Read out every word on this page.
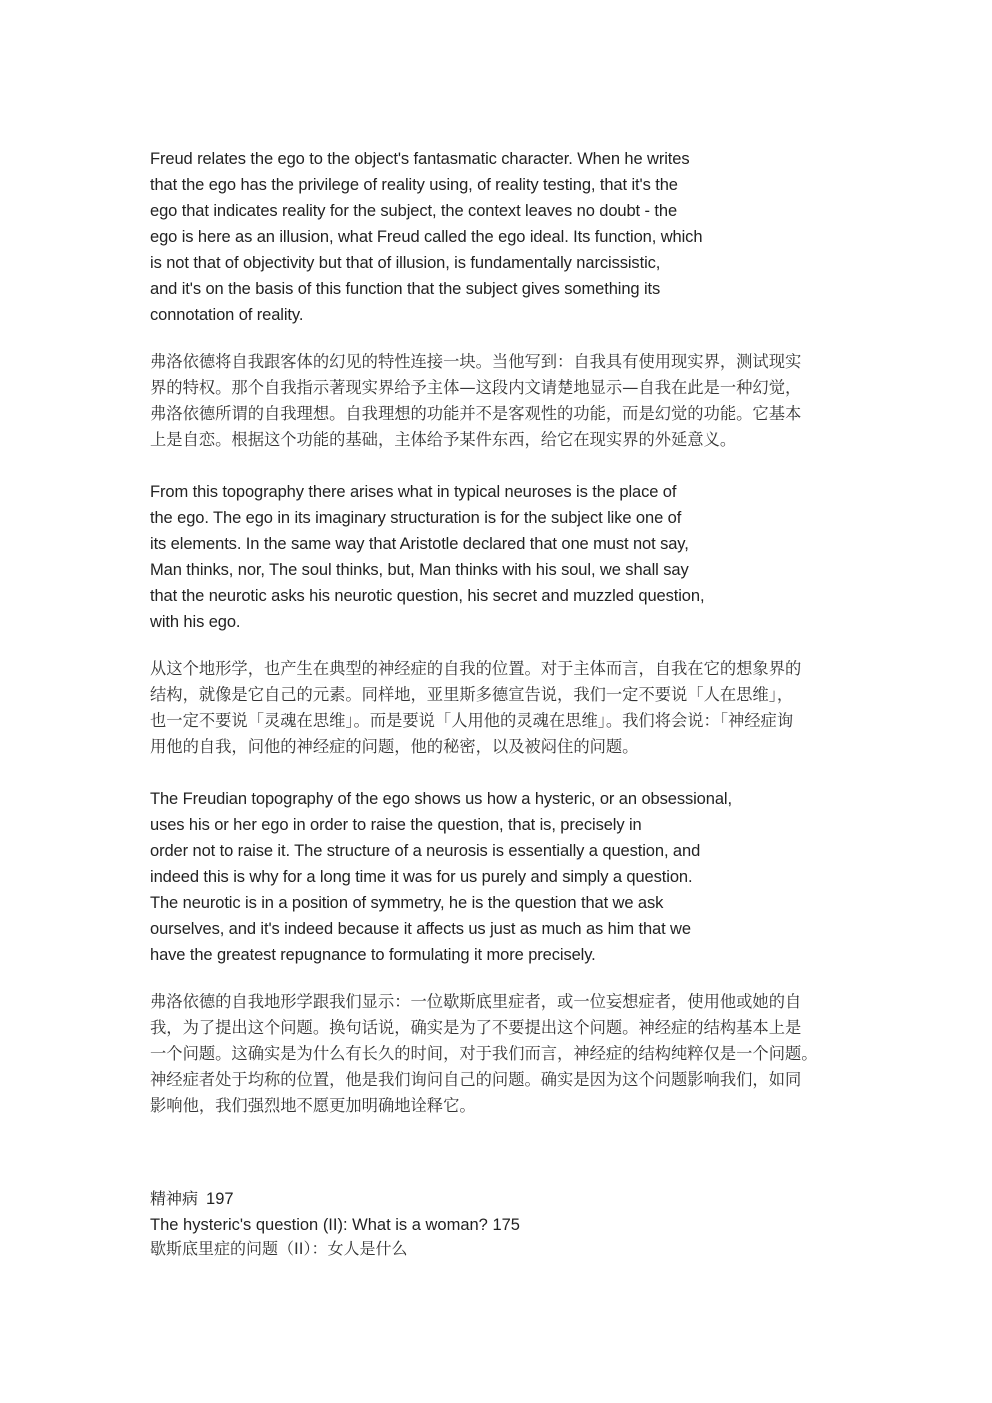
Freud relates the ego to the object's fantasmatic character. When he writes
that the ego has the privilege of reality using, of reality testing, that it's the
ego that indicates reality for the subject, the context leaves no doubt - the
ego is here as an illusion, what Freud called the ego ideal. Its function, which
is not that of objectivity but that of illusion, is fundamentally narcissistic,
and it's on the basis of this function that the subject gives something its
connotation of reality.

弗洛依德将自我跟客体的幻见的特性连接一块。当他写到：自我具有使用现实界，测试现实
界的特权。那个自我指示著现实界给予主体—这段内文请楚地显示—自我在此是一种幻觉，
弗洛依德所谓的自我理想。自我理想的功能并不是客观性的功能，而是幻觉的功能。它基本
上是自恋。根据这个功能的基础，主体给予某件东西，给它在现实界的外延意义。

From this topography there arises what in typical neuroses is the place of
the ego. The ego in its imaginary structuration is for the subject like one of
its elements. In the same way that Aristotle declared that one must not say,
Man thinks, nor, The soul thinks, but, Man thinks with his soul, we shall say
that the neurotic asks his neurotic question, his secret and muzzled question,
with his ego.

从这个地形学，也产生在典型的神经症的自我的位置。对于主体而言，自我在它的想象界的
结构，就像是它自己的元素。同样地，亚里斯多德宣告说，我们一定不要说「人在思维」，
也一定不要说「灵魂在思维」。而是要说「人用他的灵魂在思维」。我们将会说：「神经症询
用他的自我，问他的神经症的问题，他的秘密，以及被闷住的问题。

The Freudian topography of the ego shows us how a hysteric, or an obsessional,
uses his or her ego in order to raise the question, that is, precisely in
order not to raise it. The structure of a neurosis is essentially a question, and
indeed this is why for a long time it was for us purely and simply a question.
The neurotic is in a position of symmetry, he is the question that we ask
ourselves, and it's indeed because it affects us just as much as him that we
have the greatest repugnance to formulating it more precisely.

弗洛依德的自我地形学跟我们显示：一位歇斯底里症者，或一位妄想症者，使用他或她的自
我，为了提出这个问题。换句话说，确实是为了不要提出这个问题。神经症的结构基本上是
一个问题。这确实是为什么有长久的时间，对于我们而言，神经症的结构纯粹仅是一个问题。
神经症者处于均称的位置，他是我们询问自己的问题。确实是因为这个问题影响我们，如同
影响他，我们强烈地不愿更加明确地诠释它。

精神病 197
The hysteric's question (II): What is a woman? 175
歇斯底里症的问题（II）：女人是什么
